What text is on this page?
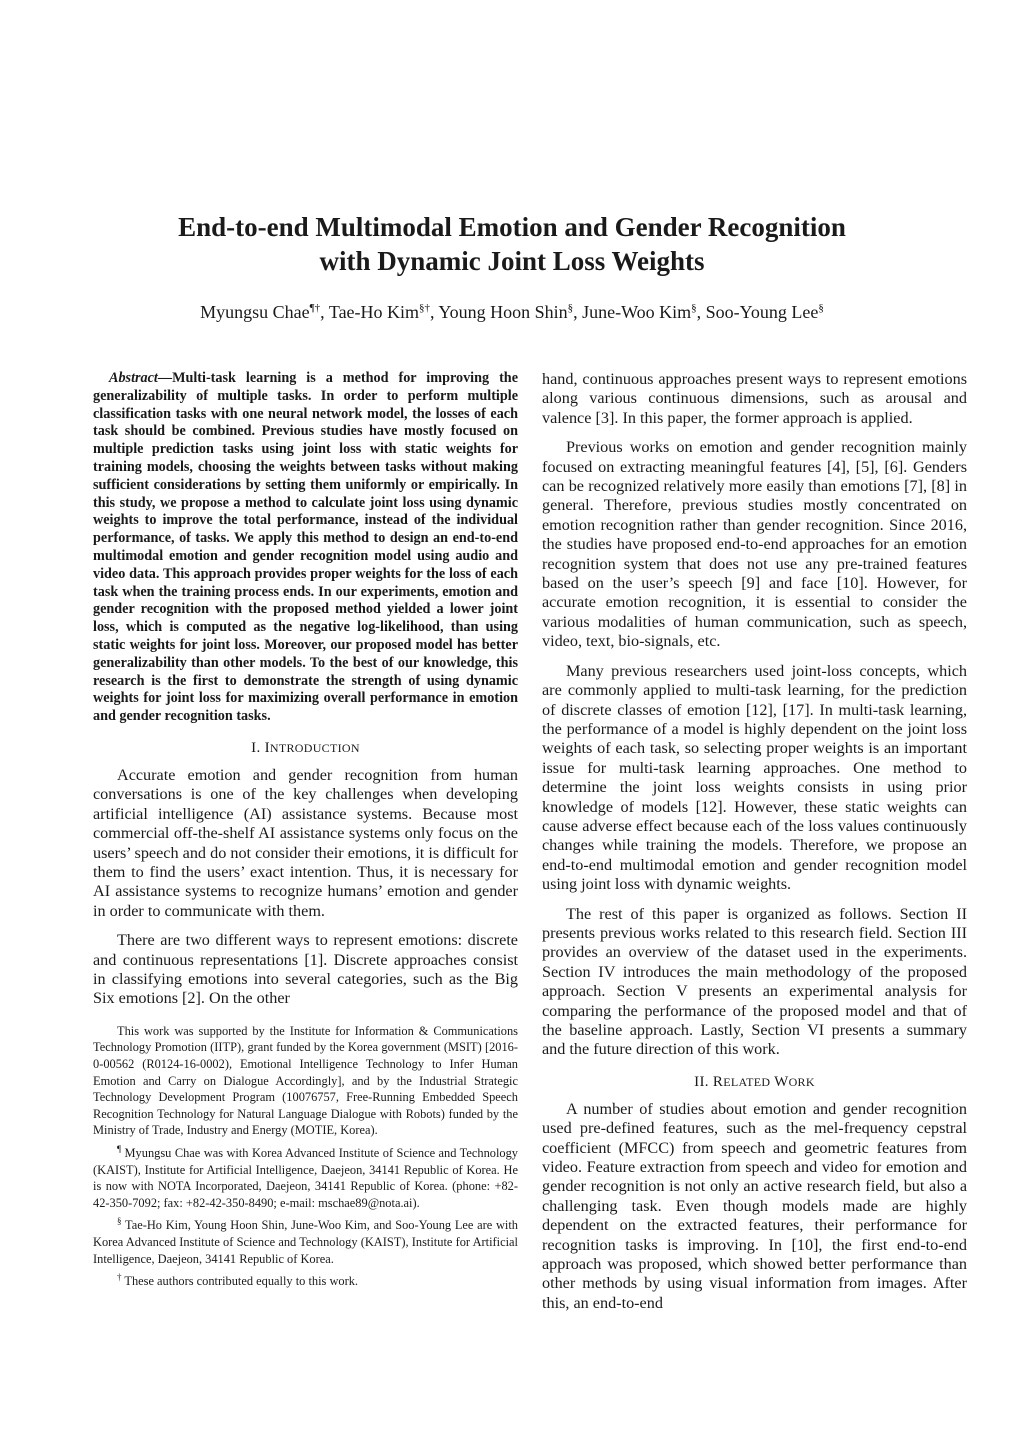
End-to-end Multimodal Emotion and Gender Recognition
with Dynamic Joint Loss Weights
Myungsu Chae¶†, Tae-Ho Kim§†, Young Hoon Shin§, June-Woo Kim§, Soo-Young Lee§

Abstract—Multi-task learning is a method for improving the generalizability of multiple tasks. In order to perform multiple classification tasks with one neural network model, the losses of each task should be combined. Previous studies have mostly focused on multiple prediction tasks using joint loss with static weights for training models, choosing the weights between tasks without making sufficient considerations by setting them uniformly or empirically. In this study, we propose a method to calculate joint loss using dynamic weights to improve the total performance, instead of the individual performance, of tasks. We apply this method to design an end-to-end multimodal emotion and gender recognition model using audio and video data. This approach provides proper weights for the loss of each task when the training process ends. In our experiments, emotion and gender recognition with the proposed method yielded a lower joint loss, which is computed as the negative log-likelihood, than using static weights for joint loss. Moreover, our proposed model has better generalizability than other models. To the best of our knowledge, this research is the first to demonstrate the strength of using dynamic weights for joint loss for maximizing overall performance in emotion and gender recognition tasks.

I. INTRODUCTION

Accurate emotion and gender recognition from human conversations is one of the key challenges when developing artificial intelligence (AI) assistance systems. Because most commercial off-the-shelf AI assistance systems only focus on the users’ speech and do not consider their emotions, it is difficult for them to find the users’ exact intention. Thus, it is necessary for AI assistance systems to recognize humans’ emotion and gender in order to communicate with them.

There are two different ways to represent emotions: discrete and continuous representations [1]. Discrete approaches consist in classifying emotions into several categories, such as the Big Six emotions [2]. On the other

This work was supported by the Institute for Information & Communications Technology Promotion (IITP), grant funded by the Korea government (MSIT) [2016-0-00562 (R0124-16-0002), Emotional Intelligence Technology to Infer Human Emotion and Carry on Dialogue Accordingly], and by the Industrial Strategic Technology Development Program (10076757, Free-Running Embedded Speech Recognition Technology for Natural Language Dialogue with Robots) funded by the Ministry of Trade, Industry and Energy (MOTIE, Korea).

¶ Myungsu Chae was with Korea Advanced Institute of Science and Technology (KAIST), Institute for Artificial Intelligence, Daejeon, 34141 Republic of Korea. He is now with NOTA Incorporated, Daejeon, 34141 Republic of Korea. (phone: +82-42-350-7092; fax: +82-42-350-8490; e-mail: mschae89@nota.ai).

§ Tae-Ho Kim, Young Hoon Shin, June-Woo Kim, and Soo-Young Lee are with Korea Advanced Institute of Science and Technology (KAIST), Institute for Artificial Intelligence, Daejeon, 34141 Republic of Korea.

† These authors contributed equally to this work.

hand, continuous approaches present ways to represent emotions along various continuous dimensions, such as arousal and valence [3]. In this paper, the former approach is applied.

Previous works on emotion and gender recognition mainly focused on extracting meaningful features [4], [5], [6]. Genders can be recognized relatively more easily than emotions [7], [8] in general. Therefore, previous studies mostly concentrated on emotion recognition rather than gender recognition. Since 2016, the studies have proposed end-to-end approaches for an emotion recognition system that does not use any pre-trained features based on the user’s speech [9] and face [10]. However, for accurate emotion recognition, it is essential to consider the various modalities of human communication, such as speech, video, text, bio-signals, etc.

Many previous researchers used joint-loss concepts, which are commonly applied to multi-task learning, for the prediction of discrete classes of emotion [12], [17]. In multi-task learning, the performance of a model is highly dependent on the joint loss weights of each task, so selecting proper weights is an important issue for multi-task learning approaches. One method to determine the joint loss weights consists in using prior knowledge of models [12]. However, these static weights can cause adverse effect because each of the loss values continuously changes while training the models. Therefore, we propose an end-to-end multimodal emotion and gender recognition model using joint loss with dynamic weights.

The rest of this paper is organized as follows. Section II presents previous works related to this research field. Section III provides an overview of the dataset used in the experiments. Section IV introduces the main methodology of the proposed approach. Section V presents an experimental analysis for comparing the performance of the proposed model and that of the baseline approach. Lastly, Section VI presents a summary and the future direction of this work.

II. RELATED WORK

A number of studies about emotion and gender recognition used pre-defined features, such as the mel-frequency cepstral coefficient (MFCC) from speech and geometric features from video. Feature extraction from speech and video for emotion and gender recognition is not only an active research field, but also a challenging task. Even though models made are highly dependent on the extracted features, their performance for recognition tasks is improving. In [10], the first end-to-end approach was proposed, which showed better performance than other methods by using visual information from images. After this, an end-to-end
